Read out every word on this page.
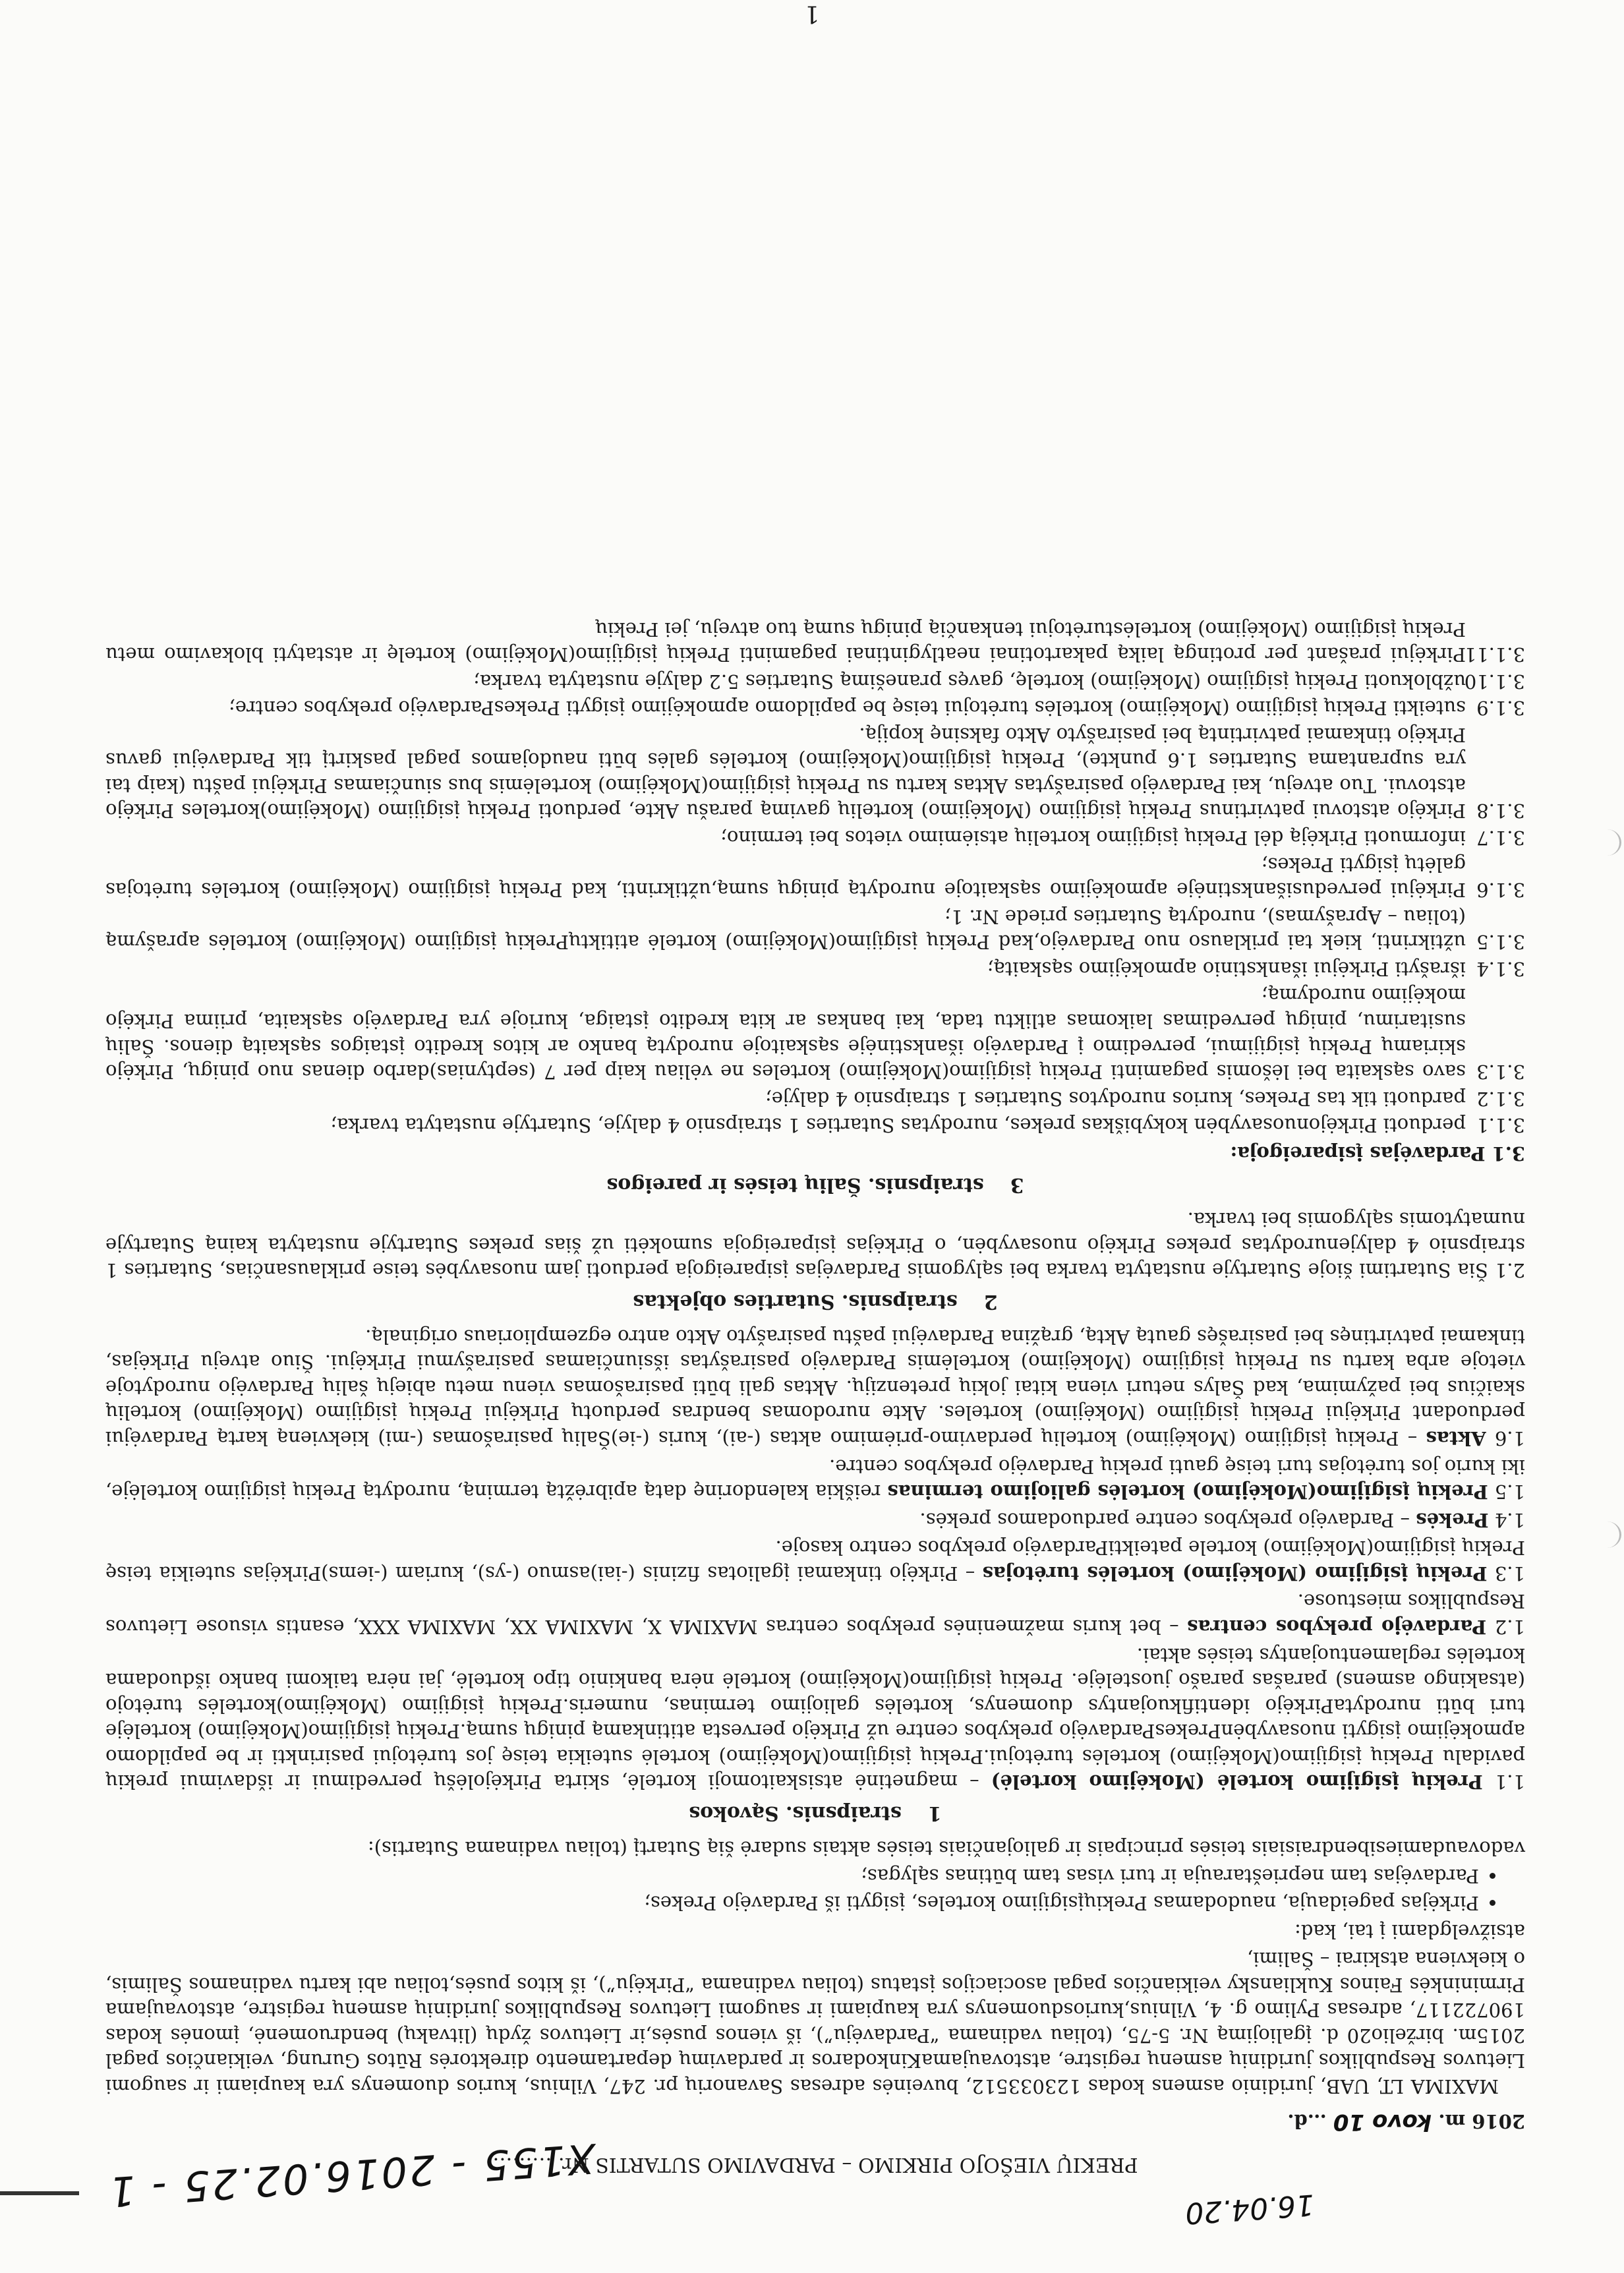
16.04.20
X155 - 2016.02.25 - 1
PREKIŲ VIEŠOJO PIRKIMO – PARDAVIMO SUTARTIS Nr. ………
2016 m. kovo 10 …d.

MAXIMA LT, UAB, juridinio asmens kodas 123033512, buveinės adresas Savanorių pr. 247, Vilnius, kurios duomenys yra kaupiami ir saugomi Lietuvos Respublikos juridinių asmenų registre, atstovaujamaKinkodaros ir pardavimų departamento direktorės Rūtos Gurung, veikiančios pagal 2015m. birželio20 d. įgaliojimą Nr. 5-75, (toliau vadinama “Pardavėju”), iš vienos pusės,ir Lietuvos žydų (litvakų) bendruomenė, įmonės kodas 190722117, adresas Pylimo g. 4, Vilnius,kuriosduomenys yra kaupiami ir saugomi Lietuvos Respublikos juridinių asmenų registre, atstovaujama Pirmininkės Fainos Kukliansky veikiančios pagal asociacijos įstatus (toliau vadinama “Pirkėju”), iš kitos pusės,toliau abi kartu vadinamos Šalimis, o kiekviena atskirai – Šalimi,

atsižvelgdami į tai, kad:

• Pirkėjas pageidauja, naudodamas Prekiųįsigijimo korteles, įsigyti iš Pardavėjo Prekes;
• Pardavėjas tam neprieštarauja ir turi visas tam būtinas sąlygas;

vadovaudamiesibendraisiais teisės principais ir galiojančiais teisės aktais sudarė šią Sutartį (toliau vadinama Sutartis):

1straipsnis. Sąvokos

1.1 Prekių įsigijimo kortelė (Mokėjimo kortelė) – magnetinė atsiskaitomoji kortelė, skirta Pirkėjolėšų pervedimui ir išdavimui prekių pavidalu Prekių įsigijimo(Mokėjimo) kortelės turėtojui.Prekių įsigijimo(Mokėjimo) kortelė suteikia teisę jos turėtojui pasirinkti ir be papildomo apmokėjimo įsigyti nuosavybėnPrekesPardavėjo prekybos centre už Pirkėjo pervesta atitinkamą pinigų sumą.Prekių įsigijimo(Mokėjimo) kortelėje turi būti nurodytaPirkėjo identifikuojantys duomenys, kortelės galiojimo terminas, numeris.Prekių įsigijimo (Mokėjimo)kortelės turėtojo (atsakingo asmens) parašas parašo juostelėje. Prekių įsigijimo(Mokėjimo) kortelė nėra bankinio tipo kortelė, jai nėra taikomi banko išduodama kortelės reglamentuojantys teisės aktai.

1.2 Pardavėjo prekybos centras – bet kuris mažmeninės prekybos centras MAXIMA X, MAXIMA XX, MAXIMA XXX, esantis visuose Lietuvos Respublikos miestuose.

1.3 Prekių įsigijimo (Mokėjimo) kortelės turėtojas – Pirkėjo tinkamai įgaliotas fizinis (-iai)asmuo (-ys), kuriam (-iems)Pirkėjas suteikia teisę Prekių įsigijimo(Mokėjimo) kortele pateiktiPardavėjo prekybos centro kasoje.

1.4 Prekės – Pardavėjo prekybos centre parduodamos prekės.

1.5 Prekių įsigijimo(Mokėjimo) kortelės galiojimo terminas reiškia kalendorinę datą apibrėžtą terminą, nurodytą Prekių įsigijimo kortelėje, iki kurio jos turėtojas turi teisę gauti prekių Pardavėjo prekybos centre.

1.6 Aktas – Prekių įsigijimo (Mokėjimo) kortelių perdavimo-priėmimo aktas (-ai), kuris (-ie)Šalių pasirašomas (-mi) kiekvieną kartą Pardavėjui perduodant Pirkėjui Prekių įsigijimo (Mokėjimo) korteles. Akte nurodomas bendras perduotų Pirkėjui Prekių įsigijimo (Mokėjimo) kortelių skaičius bei pažymima, kad Šalys neturi viena kitai jokių pretenzijų. Aktas gali būti pasirašomas vienu metu abiejų šalių Pardavėjo nurodytoje vietoje arba kartu su Prekių įsigijimo (Mokėjimo) kortelėmis Pardavėjo pasirašytas išsiunčiamas pasirašymui Pirkėjui. Šiuo atveju Pirkėjas, tinkamai patvirtinęs bei pasirašęs gautą Aktą, grąžina Pardavėjui paštu pasirašyto Akto antro egzemplioriaus originalą.

2straipsnis. Sutarties objektas

2.1 Šia Sutartimi šioje Sutartyje nustatyta tvarka bei sąlygomis Pardavėjas įsipareigoja perduoti jam nuosavybės teise priklausančias, Sutarties 1 straipsnio 4 dalyjenurodytas prekes Pirkėjo nuosavybėn, o Pirkėjas įsipareigoja sumokėti už šias prekes Sutartyje nustatyta kainą Sutartyje numatytomis sąlygomis bei tvarka.

3straipsnis. Šalių teisės ir pareigos
3.1 Pardavėjas įsipareigoja:
3.1.1
perduoti Pirkėjonuosavybėn kokybiškas prekes, nurodytas Sutarties 1 straipsnio 4 dalyje, Sutartyje nustatyta tvarka;
3.1.2
parduoti tik tas Prekes, kurios nurodytos Sutarties 1 straipsnio 4 dalyje;
3.1.3
savo sąskaita bei lėšomis pagaminti Prekių įsigijimo(Mokėjimo) korteles ne vėliau kaip per 7 (septynias)darbo dienas nuo pinigų, Pirkėjo skiriamų Prekių įsigijimui, pervedimo į Pardavėjo išankstinėje sąskaitoje nurodytą banko ar kitos kredito įstaigos sąskaitą dienos. Šalių susitarimu, pinigų pervedimas laikomas atliktu tada, kai bankas ar kita kredito įstaiga, kurioje yra Pardavėjo sąskaita, priima Pirkėjo mokėjimo nurodymą;
3.1.4
išrašyti Pirkėjui išankstinio apmokėjimo sąskaitą;
3.1.5
užtikrinti, kiek tai priklauso nuo Pardavėjo,kad Prekių įsigijimo(Mokėjimo) kortelė atitiktųPrekių įsigijimo (Mokėjimo) kortelės aprašymą (toliau – Aprašymas), nurodytą Sutarties priede Nr. 1;
3.1.6
Pirkėjui pervedusišankstinėje apmokėjimo sąskaitoje nurodytą pinigų sumą,užtikrinti, kad Prekių įsigijimo (Mokėjimo) kortelės turėtojas galėtų įsigyti Prekes;
3.1.7
informuoti Pirkėją dėl Prekių įsigijimo kortelių atsiėmimo vietos bei termino;
3.1.8
Pirkėjo atstovui patvirtinus Prekių įsigijimo (Mokėjimo) kortelių gavimą parašu Akte, perduoti Prekių įsigijimo (Mokėjimo)korteles Pirkėjo atstovui. Tuo atveju, kai Pardavėjo pasirašytas Aktas kartu su Prekių įsigijimo(Mokėjimo) kortelėmis bus siunčiamas Pirkėjui paštu (kaip tai yra suprantama Sutarties 1.6 punkte), Prekių įsigijimo(Mokėjimo) kortelės galės būti naudojamos pagal paskirtį tik Pardavėjui gavus Pirkėjo tinkamai patvirtintą bei pasirašyto Akto faksinę kopiją.
3.1.9
suteikti Prekių įsigijimo (Mokėjimo) kortelės turėtojui teisę be papildomo apmokėjimo įsigyti PrekesPardavėjo prekybos centre;
3.1.10
užblokuoti Prekių įsigijimo (Mokėjimo) kortelę, gavęs pranešimą Sutarties 5.2 dalyje nustatyta tvarka;
3.1.11
Pirkėjui prašant per protingą laiką pakartotinai neatlygintinai pagaminti Prekių įsigijimo(Mokėjimo) kortelę ir atstatyti blokavimo metu Prekių įsigijimo (Mokėjimo) kortelėsturėtojui tenkančią pinigų sumą tuo atveju, jei Prekių
1
